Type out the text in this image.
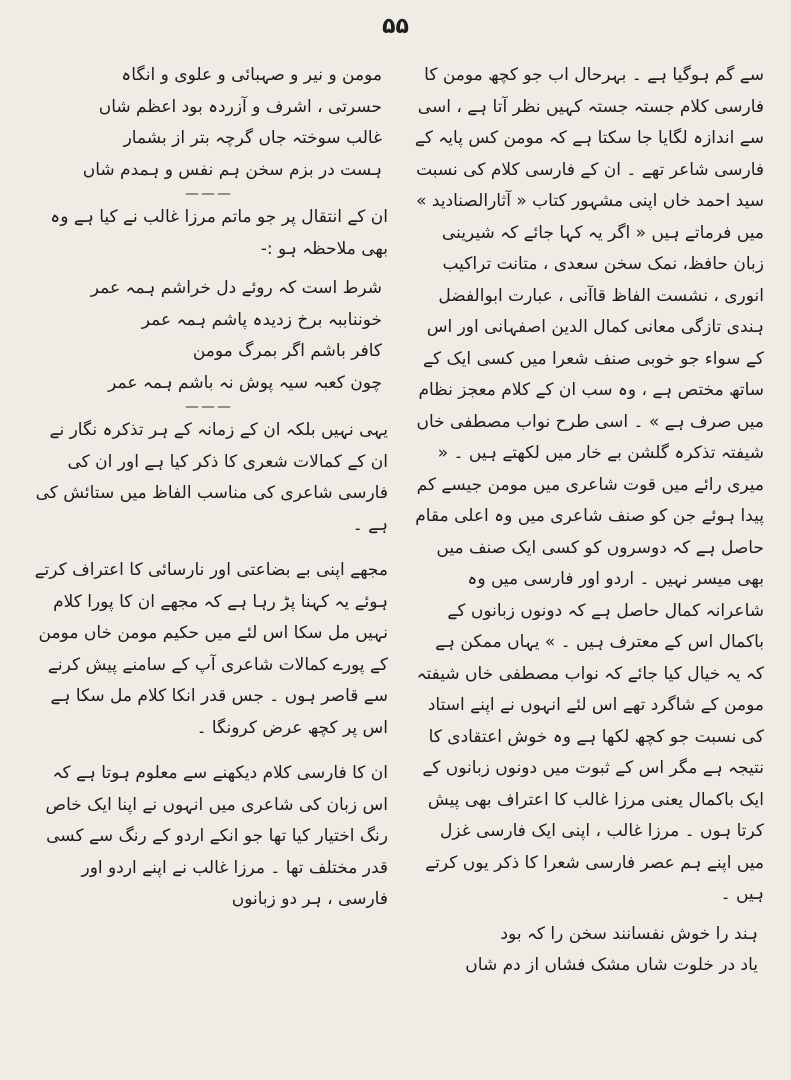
۵۵

سے گم ہوگیا ہے ۔ بہرحال اب جو کچھ مومن کا فارسی کلام جستہ جستہ کہیں نظر آتا ہے ، اسی سے اندازہ لگایا جا سکتا ہے کہ مومن کس پایہ کے فارسی شاعر تھے ۔ ان کے فارسی کلام کی نسبت سید احمد خاں اپنی مشہور کتاب « آثارالصنادید » میں فرماتے ہیں « اگر یہ کہا جائے کہ شیرینی زبان حافظ، نمک سخن سعدی ، متانت تراکیب انوری ، نشست الفاظ قاآنی ، عبارت ابوالفضل ہندی تازگی معانی کمال الدین اصفہانی اور اس کے سواء جو خوبی صنف شعرا میں کسی ایک کے ساتھ مختص ہے ، وہ سب ان کے کلام معجز نظام میں صرف ہے » ۔ اسی طرح نواب مصطفی خاں شیفتہ تذکرہ گلشن بے خار میں لکھتے ہیں ۔ « میری رائے میں قوت شاعری میں مومن جیسے کم پیدا ہوئے جن کو صنف شاعری میں وہ اعلی مقام حاصل ہے کہ دوسروں کو کسی ایک صنف میں بھی میسر نہیں ۔ اردو اور فارسی میں وہ شاعرانہ کمال حاصل ہے کہ دونوں زبانوں کے باکمال اس کے معترف ہیں ۔ » یہاں ممکن ہے کہ یہ خیال کیا جائے کہ نواب مصطفی خاں شیفتہ مومن کے شاگرد تھے اس لئے انہوں نے اپنے استاد کی نسبت جو کچھ لکھا ہے وہ خوش اعتقادی کا نتیجہ ہے مگر اس کے ثبوت میں دونوں زبانوں کے ایک باکمال یعنی مرزا غالب کا اعتراف بھی پیش کرتا ہوں ۔ مرزا غالب ، اپنی ایک فارسی غزل میں اپنے ہم عصر فارسی شعرا کا ذکر یوں کرتے ہیں ۔

ہند را خوش نفسانند سخن را کہ بود

یاد در خلوت شاں مشک فشاں از دم شاں

مومن و نیر و صہبائی و علوی و انگاہ

حسرتی ، اشرف و آزردہ بود اعظم شاں

غالب سوختہ جاں گرچہ بتر از بشمار

ہست در بزم سخن ہم نفس و ہمدم شاں

———

ان کے انتقال پر جو ماتم مرزا غالب نے کیا ہے وہ بھی ملاحظہ ہو :-

شرط است کہ روئے دل خراشم ہمہ عمر

خونناببہ برخ زدیدہ پاشم ہمہ عمر

کافر باشم اگر بمرگ مومن

چون کعبہ سیہ پوش نہ باشم ہمہ عمر

———

یہی نہیں بلکہ ان کے زمانہ کے ہر تذکرہ نگار نے ان کے کمالات شعری کا ذکر کیا ہے اور ان کی فارسی شاعری کی مناسب الفاظ میں ستائش کی ہے ۔

مجھے اپنی بے بضاعتی اور نارسائی کا اعتراف کرتے ہوئے یہ کہنا پڑ رہا ہے کہ مجھے ان کا پورا کلام نہیں مل سکا اس لئے میں حکیم مومن خاں مومن کے پورے کمالات شاعری آپ کے سامنے پیش کرنے سے قاصر ہوں ۔ جس قدر انکا کلام مل سکا ہے اس پر کچھ عرض کرونگا ۔

ان کا فارسی کلام دیکھنے سے معلوم ہوتا ہے کہ اس زبان کی شاعری میں انہوں نے اپنا ایک خاص رنگ اختیار کیا تھا جو انکے اردو کے رنگ سے کسی قدر مختلف تھا ۔ مرزا غالب نے اپنے اردو اور فارسی ، ہر دو زبانوں
